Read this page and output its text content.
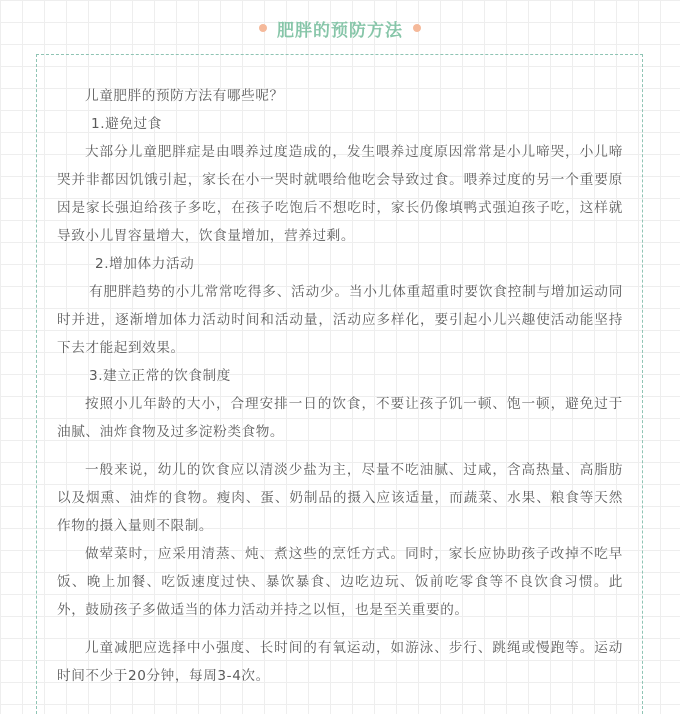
肥胖的预防方法

儿童肥胖的预防方法有哪些呢？

1.避免过食

大部分儿童肥胖症是由喂养过度造成的，发生喂养过度原因常常是小儿啼哭，小儿啼哭并非都因饥饿引起，家长在小一哭时就喂给他吃会导致过食。喂养过度的另一个重要原因是家长强迫给孩子多吃，在孩子吃饱后不想吃时，家长仍像填鸭式强迫孩子吃，这样就导致小儿胃容量增大，饮食量增加，营养过剩。

2.增加体力活动

有肥胖趋势的小儿常常吃得多、活动少。当小儿体重超重时要饮食控制与增加运动同时并进，逐渐增加体力活动时间和活动量，活动应多样化，要引起小儿兴趣使活动能坚持下去才能起到效果。

3.建立正常的饮食制度

按照小儿年龄的大小，合理安排一日的饮食，不要让孩子饥一顿、饱一顿，避免过于油腻、油炸食物及过多淀粉类食物。

一般来说，幼儿的饮食应以清淡少盐为主，尽量不吃油腻、过咸，含高热量、高脂肪以及烟熏、油炸的食物。瘦肉、蛋、奶制品的摄入应该适量，而蔬菜、水果、粮食等天然作物的摄入量则不限制。

做荤菜时，应采用清蒸、炖、煮这些的烹饪方式。同时，家长应协助孩子改掉不吃早饭、晚上加餐、吃饭速度过快、暴饮暴食、边吃边玩、饭前吃零食等不良饮食习惯。此外，鼓励孩子多做适当的体力活动并持之以恒，也是至关重要的。

儿童减肥应选择中小强度、长时间的有氧运动，如游泳、步行、跳绳或慢跑等。运动时间不少于20分钟，每周3-4次。
